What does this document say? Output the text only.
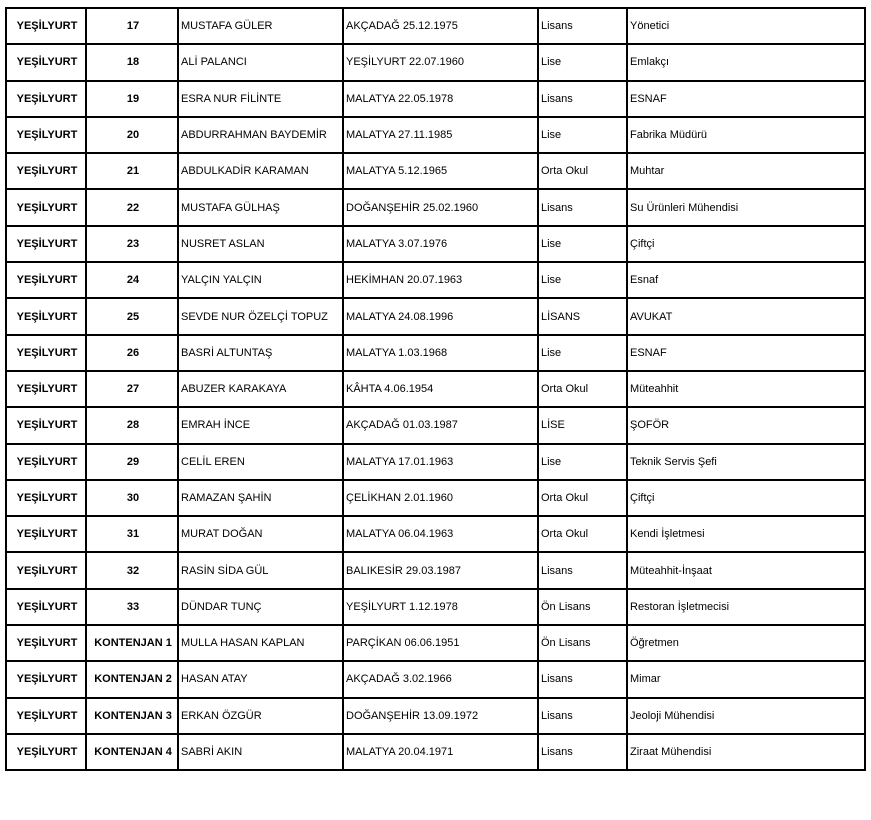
YEŞİLYURT	17	MUSTAFA GÜLER	AKÇADAĞ 25.12.1975	Lisans	Yönetici
YEŞİLYURT	18	ALİ PALANCI	YEŞİLYURT 22.07.1960	Lise	Emlakçı
YEŞİLYURT	19	ESRA NUR FİLİNTE	MALATYA 22.05.1978	Lisans	ESNAF
YEŞİLYURT	20	ABDURRAHMAN BAYDEMİR	MALATYA 27.11.1985	Lise	Fabrika Müdürü
YEŞİLYURT	21	ABDULKADİR KARAMAN	MALATYA 5.12.1965	Orta Okul	Muhtar
YEŞİLYURT	22	MUSTAFA GÜLHAŞ	DOĞANŞEHİR 25.02.1960	Lisans	Su Ürünleri Mühendisi
YEŞİLYURT	23	NUSRET ASLAN	MALATYA 3.07.1976	Lise	Çiftçi
YEŞİLYURT	24	YALÇIN YALÇIN	HEKİMHAN 20.07.1963	Lise	Esnaf
YEŞİLYURT	25	SEVDE NUR ÖZELÇİ TOPUZ	MALATYA 24.08.1996	LİSANS	AVUKAT
YEŞİLYURT	26	BASRİ ALTUNTAŞ	MALATYA 1.03.1968	Lise	ESNAF
YEŞİLYURT	27	ABUZER KARAKAYA	KÂHTA 4.06.1954	Orta Okul	Müteahhit
YEŞİLYURT	28	EMRAH İNCE	AKÇADAĞ 01.03.1987	LİSE	ŞOFÖR
YEŞİLYURT	29	CELİL EREN	MALATYA 17.01.1963	Lise	Teknik Servis Şefi
YEŞİLYURT	30	RAMAZAN ŞAHİN	ÇELİKHAN 2.01.1960	Orta Okul	Çiftçi
YEŞİLYURT	31	MURAT DOĞAN	MALATYA 06.04.1963	Orta Okul	Kendi İşletmesi
YEŞİLYURT	32	RASİN SİDA GÜL	BALIKESİR 29.03.1987	Lisans	Müteahhit-İnşaat
YEŞİLYURT	33	DÜNDAR TUNÇ	YEŞİLYURT 1.12.1978	Ön Lisans	Restoran İşletmecisi
YEŞİLYURT	KONTENJAN 1	MULLA HASAN KAPLAN	PARÇİKAN 06.06.1951	Ön Lisans	Öğretmen
YEŞİLYURT	KONTENJAN 2	HASAN ATAY	AKÇADAĞ 3.02.1966	Lisans	Mimar
YEŞİLYURT	KONTENJAN 3	ERKAN ÖZGÜR	DOĞANŞEHİR 13.09.1972	Lisans	Jeoloji Mühendisi
YEŞİLYURT	KONTENJAN 4	SABRİ AKIN	MALATYA 20.04.1971	Lisans	Ziraat Mühendisi
